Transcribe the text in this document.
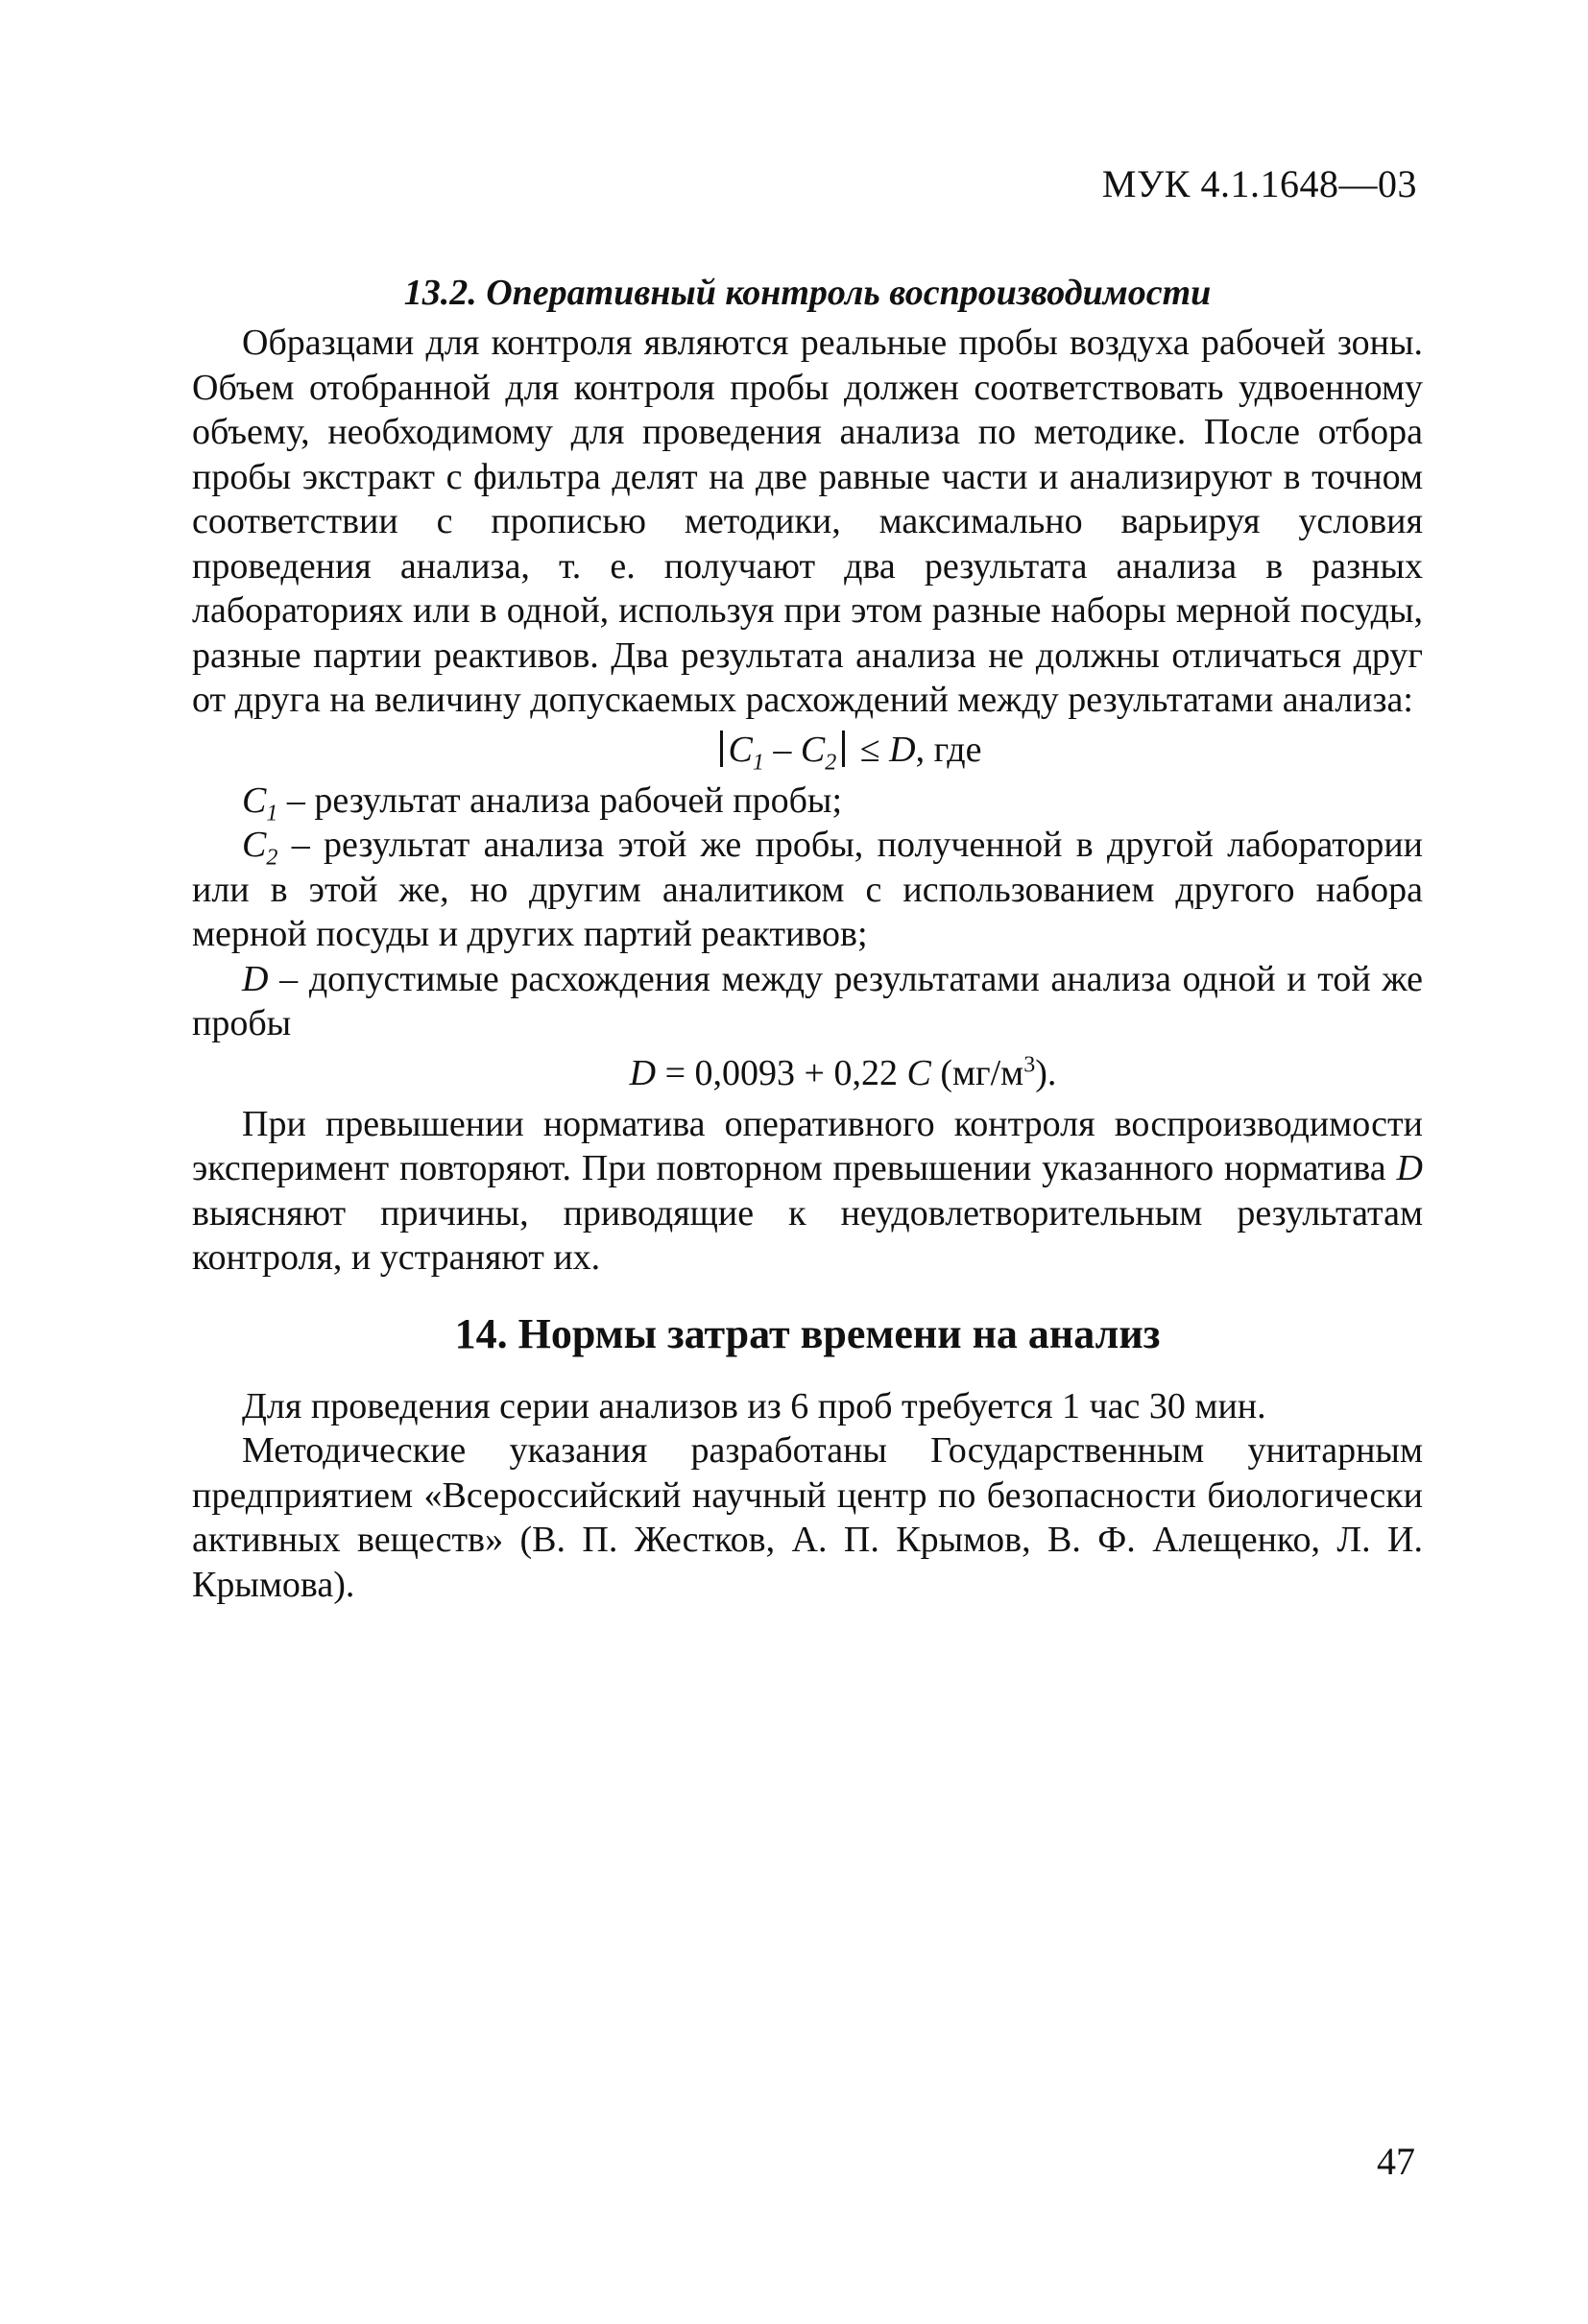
МУК 4.1.1648—03
13.2. Оперативный контроль воспроизводимости

Образцами для контроля являются реальные пробы воздуха рабочей зоны. Объем отобранной для контроля пробы должен соответствовать удвоенному объему, необходимому для проведения анализа по методике. После отбора пробы экстракт с фильтра делят на две равные части и анализируют в точном соответствии с прописью методики, максимально варьируя условия проведения анализа, т. е. получают два результата анализа в разных лабораториях или в одной, используя при этом разные наборы мерной посуды, разные партии реактивов. Два результата анализа не должны отличаться друг от друга на величину допускаемых расхождений между результатами анализа:

$C_1 - C_2 \le D$, где

$C_1$ – результат анализа рабочей пробы;

$C_2$ – результат анализа этой же пробы, полученной в другой лаборатории или в этой же, но другим аналитиком с использованием другого набора мерной посуды и других партий реактивов;

D – допустимые расхождения между результатами анализа одной и той же пробы

D = 0,0093 + 0,22 C $(мг/м^3)$.

При превышении норматива оперативного контроля воспроизводимости эксперимент повторяют. При повторном превышении указанного норматива D выясняют причины, приводящие к неудовлетворительным результатам контроля, и устраняют их.

14. Нормы затрат времени на анализ

Для проведения серии анализов из 6 проб требуется 1 час 30 мин.

Методические указания разработаны Государственным унитарным предприятием «Всероссийский научный центр по безопасности биологически активных веществ» (В. П. Жестков, А. П. Крымов, В. Ф. Алещенко, Л. И. Крымова).

47
